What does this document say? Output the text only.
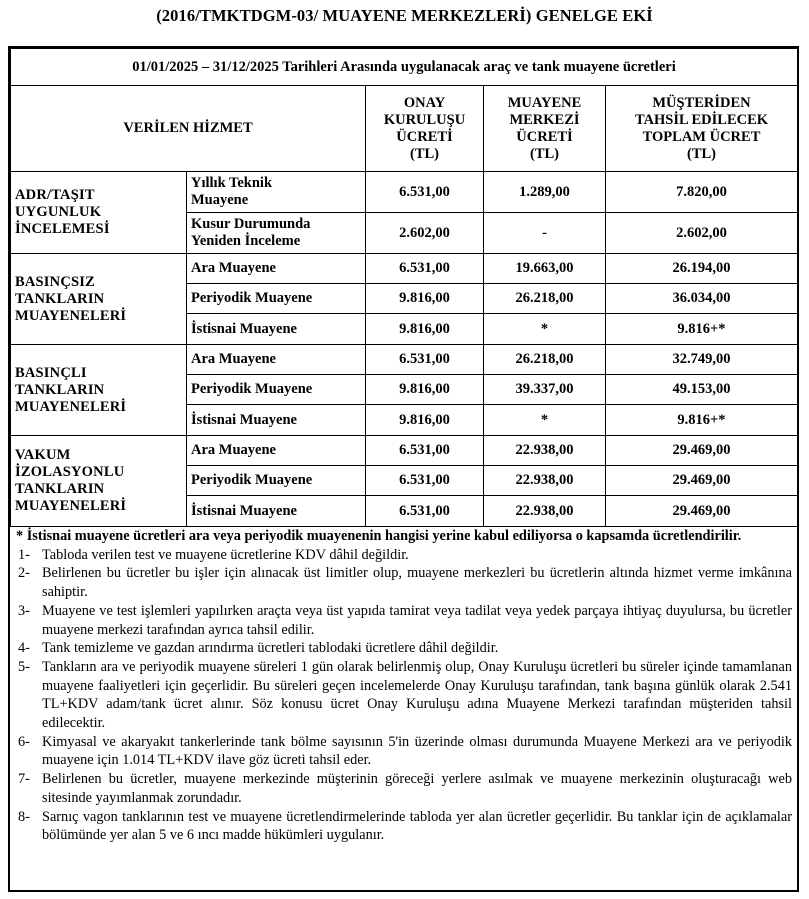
(2016/TMKTDGM-03/ MUAYENE MERKEZLERİ) GENELGE EKİ
01/01/2025 – 31/12/2025 Tarihleri Arasında uygulanacak araç ve tank muayene ücretleri				
VERİLEN HİZMET		ONAY
KURULUŞU
ÜCRETİ
(TL)	MUAYENE
MERKEZİ
ÜCRETİ
(TL)	MÜŞTERİDEN
TAHSİL EDİLECEK
TOPLAM ÜCRET
(TL)
ADR/TAŞIT
UYGUNLUK
İNCELEMESİ	Yıllık Teknik
Muayene	6.531,00	1.289,00	7.820,00
	Kusur Durumunda
Yeniden İnceleme	2.602,00	-	2.602,00
BASINÇSIZ
TANKLARIN
MUAYENELERİ	Ara Muayene	6.531,00	19.663,00	26.194,00
	Periyodik Muayene	9.816,00	26.218,00	36.034,00
	İstisnai Muayene	9.816,00	*	9.816+*
BASINÇLI
TANKLARIN
MUAYENELERİ	Ara Muayene	6.531,00	26.218,00	32.749,00
	Periyodik Muayene	9.816,00	39.337,00	49.153,00
	İstisnai Muayene	9.816,00	*	9.816+*
VAKUM
İZOLASYONLU
TANKLARIN
MUAYENELERİ	Ara Muayene	6.531,00	22.938,00	29.469,00
	Periyodik Muayene	6.531,00	22.938,00	29.469,00
	İstisnai Muayene	6.531,00	22.938,00	29.469,00

* İstisnai muayene ücretleri ara veya periyodik muayenenin hangisi yerine kabul ediliyorsa o kapsamda ücretlendirilir.

1- Tabloda verilen test ve muayene ücretlerine KDV dâhil değildir.
2- Belirlenen bu ücretler bu işler için alınacak üst limitler olup, muayene merkezleri bu ücretlerin altında hizmet verme imkânına sahiptir.
3- Muayene ve test işlemleri yapılırken araçta veya üst yapıda tamirat veya tadilat veya yedek parçaya ihtiyaç duyulursa, bu ücretler muayene merkezi tarafından ayrıca tahsil edilir.
4- Tank temizleme ve gazdan arındırma ücretleri tablodaki ücretlere dâhil değildir.
5- Tankların ara ve periyodik muayene süreleri 1 gün olarak belirlenmiş olup, Onay Kuruluşu ücretleri bu süreler içinde tamamlanan muayene faaliyetleri için geçerlidir. Bu süreleri geçen incelemelerde Onay Kuruluşu tarafından, tank başına günlük olarak 2.541 TL+KDV adam/tank ücret alınır. Söz konusu ücret Onay Kuruluşu adına Muayene Merkezi tarafından müşteriden tahsil edilecektir.
6- Kimyasal ve akaryakıt tankerlerinde tank bölme sayısının 5'in üzerinde olması durumunda Muayene Merkezi ara ve periyodik muayene için 1.014 TL+KDV ilave göz ücreti tahsil eder.
7- Belirlenen bu ücretler, muayene merkezinde müşterinin göreceği yerlere asılmak ve muayene merkezinin oluşturacağı web sitesinde yayımlanmak zorundadır.
8- Sarnıç vagon tanklarının test ve muayene ücretlendirmelerinde tabloda yer alan ücretler geçerlidir. Bu tanklar için de açıklamalar bölümünde yer alan 5 ve 6 ıncı madde hükümleri uygulanır.
